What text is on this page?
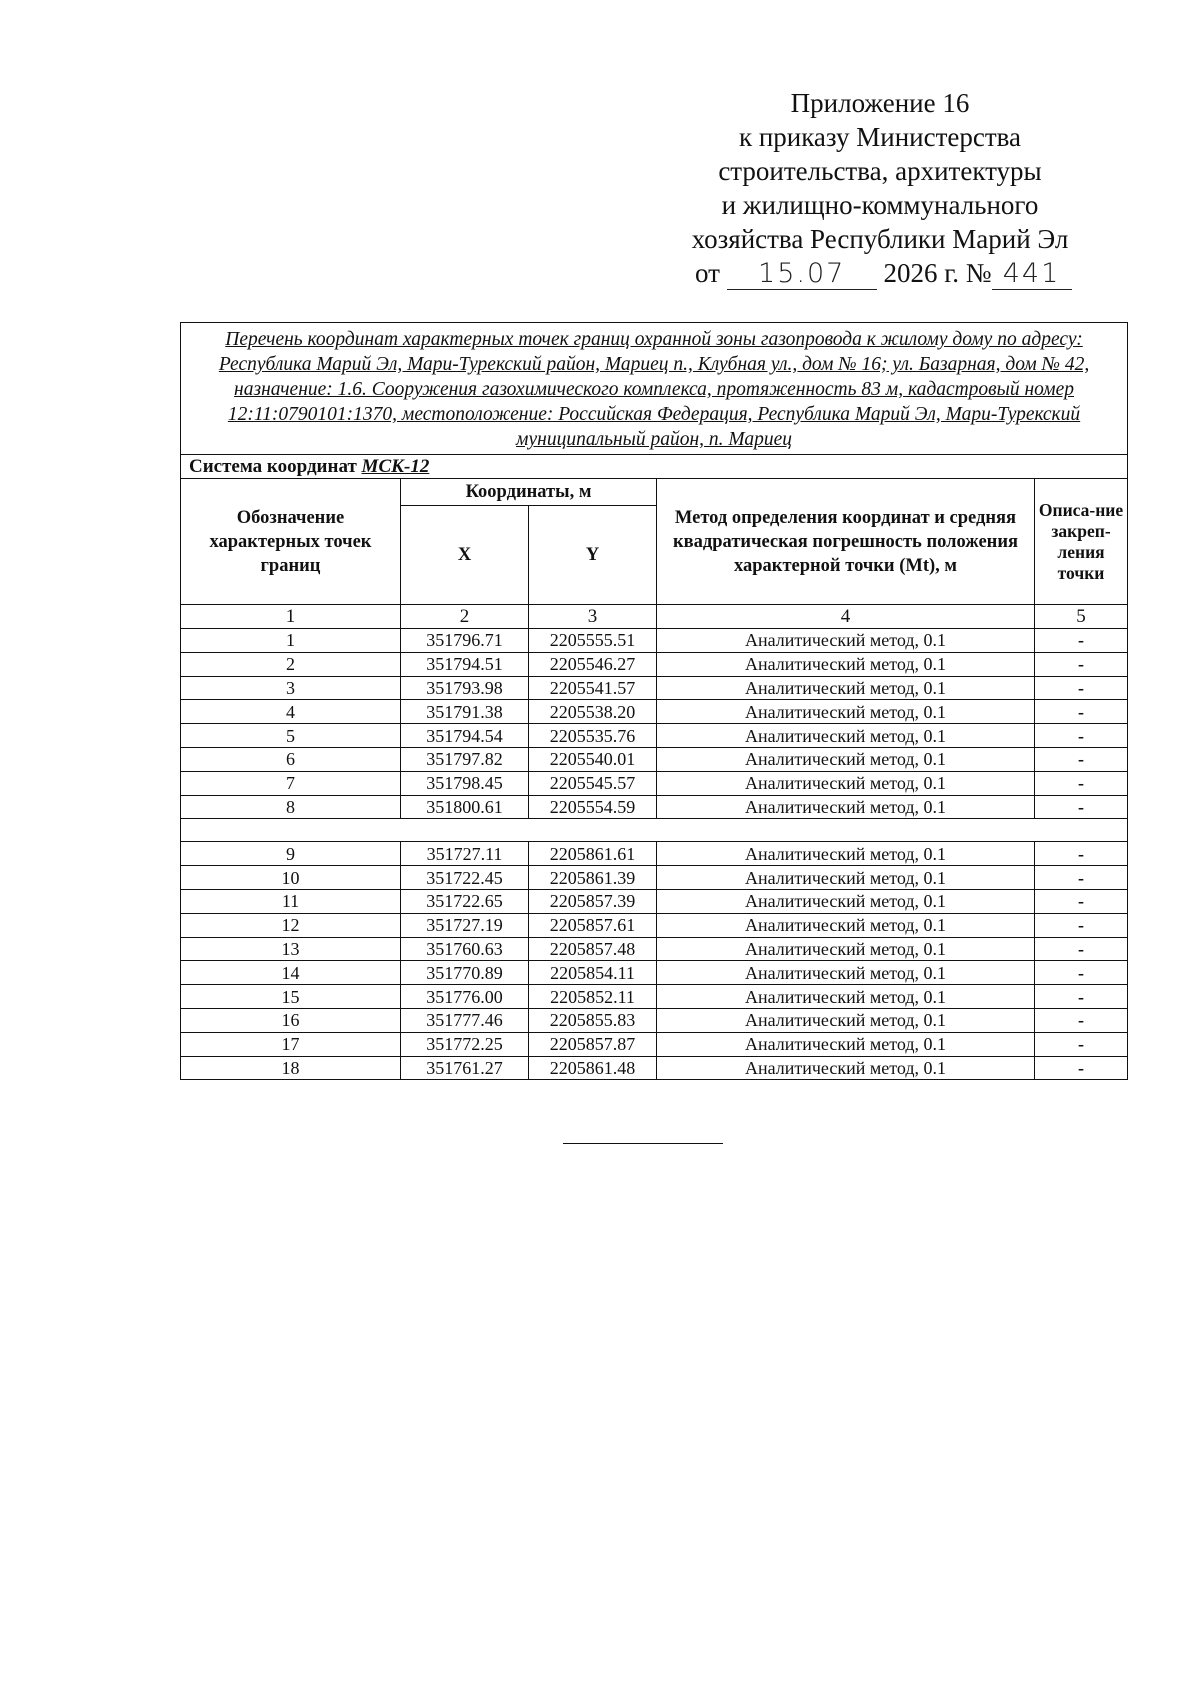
Приложение 16
к приказу Министерства
строительства, архитектуры
и жилищно-коммунального
хозяйства Республики Марий Эл
от 15.07 2026 г. № 441
Перечень координат характерных точек границ охранной зоны газопровода к жилому дому по адресу: Республика Марий Эл, Мари-Турекский район, Мариец п., Клубная ул., дом № 16; ул. Базарная, дом № 42, назначение: 1.6. Сооружения газохимического комплекса, протяженность 83 м, кадастровый номер 12:11:0790101:1370, местоположение: Российская Федерация, Республика Марий Эл, Мари-Турекский муниципальный район, п. Мариец				
Система координат МСК-12				
Обозначение характерных точек границ	Координаты, м		Метод определения координат и средняя квадратическая погрешность положения характерной точки (Mt), м	Описа-ние закреп-ления точки
	X	Y		
1	2	3	4	5
1	351796.71	2205555.51	Аналитический метод, 0.1	-
2	351794.51	2205546.27	Аналитический метод, 0.1	-
3	351793.98	2205541.57	Аналитический метод, 0.1	-
4	351791.38	2205538.20	Аналитический метод, 0.1	-
5	351794.54	2205535.76	Аналитический метод, 0.1	-
6	351797.82	2205540.01	Аналитический метод, 0.1	-
7	351798.45	2205545.57	Аналитический метод, 0.1	-
8	351800.61	2205554.59	Аналитический метод, 0.1	-

9	351727.11	2205861.61	Аналитический метод, 0.1	-
10	351722.45	2205861.39	Аналитический метод, 0.1	-
11	351722.65	2205857.39	Аналитический метод, 0.1	-
12	351727.19	2205857.61	Аналитический метод, 0.1	-
13	351760.63	2205857.48	Аналитический метод, 0.1	-
14	351770.89	2205854.11	Аналитический метод, 0.1	-
15	351776.00	2205852.11	Аналитический метод, 0.1	-
16	351777.46	2205855.83	Аналитический метод, 0.1	-
17	351772.25	2205857.87	Аналитический метод, 0.1	-
18	351761.27	2205861.48	Аналитический метод, 0.1	-
